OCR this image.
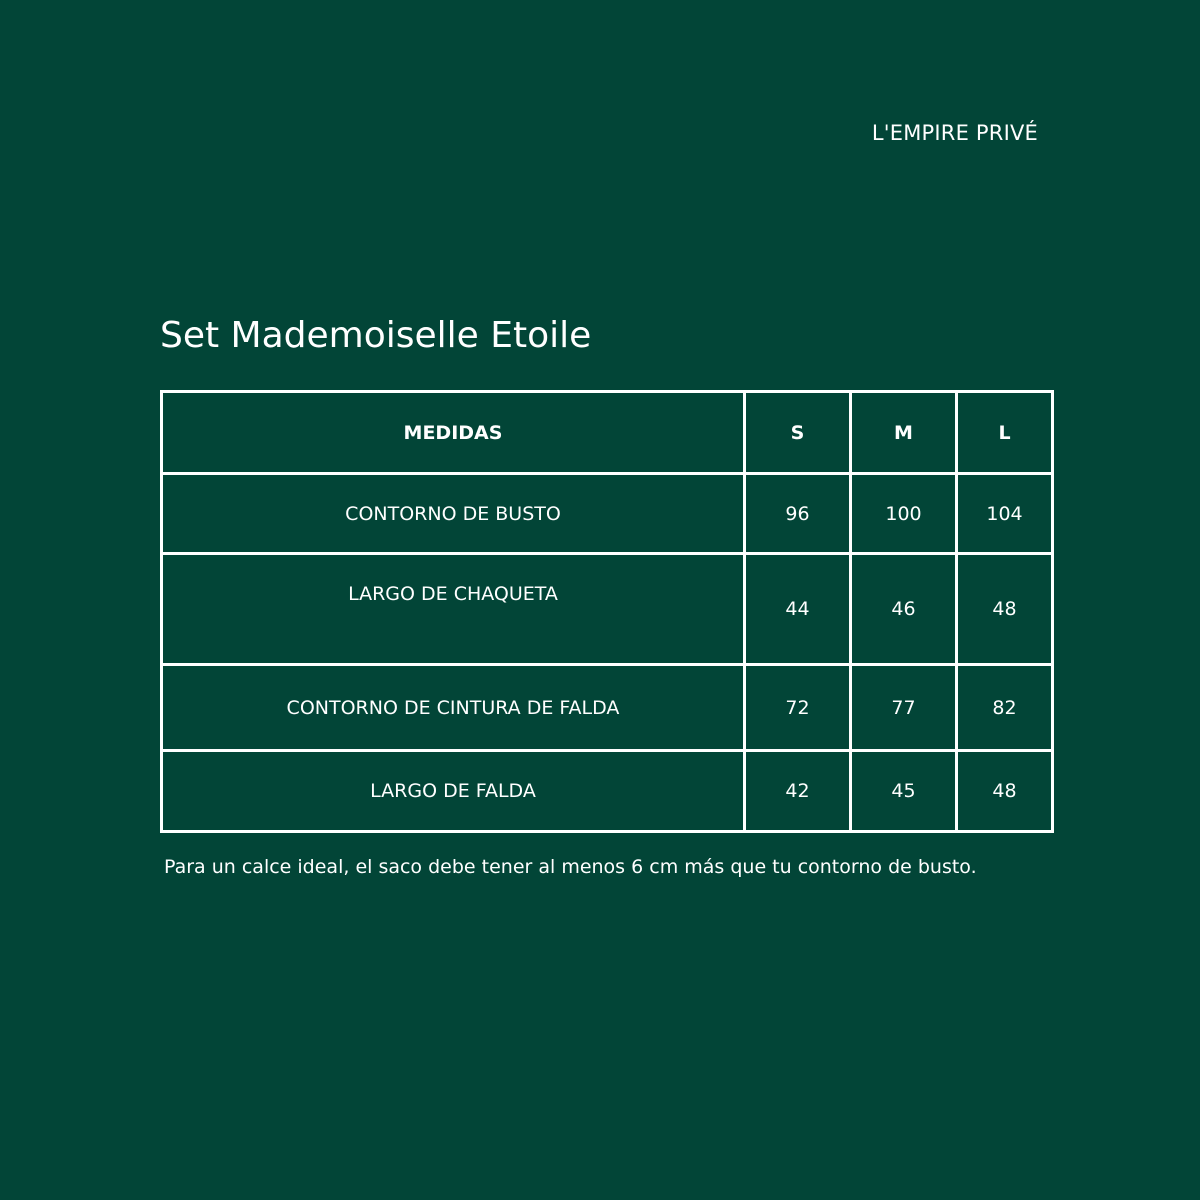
L'EMPIRE PRIVÉ
Set Mademoiselle Etoile
MEDIDAS	S	M	L
CONTORNO DE BUSTO	96	100	104
LARGO DE CHAQUETA	44	46	48
CONTORNO DE CINTURA DE FALDA	72	77	82
LARGO DE FALDA	42	45	48
Para un calce ideal, el saco debe tener al menos 6 cm más que tu contorno de busto.
